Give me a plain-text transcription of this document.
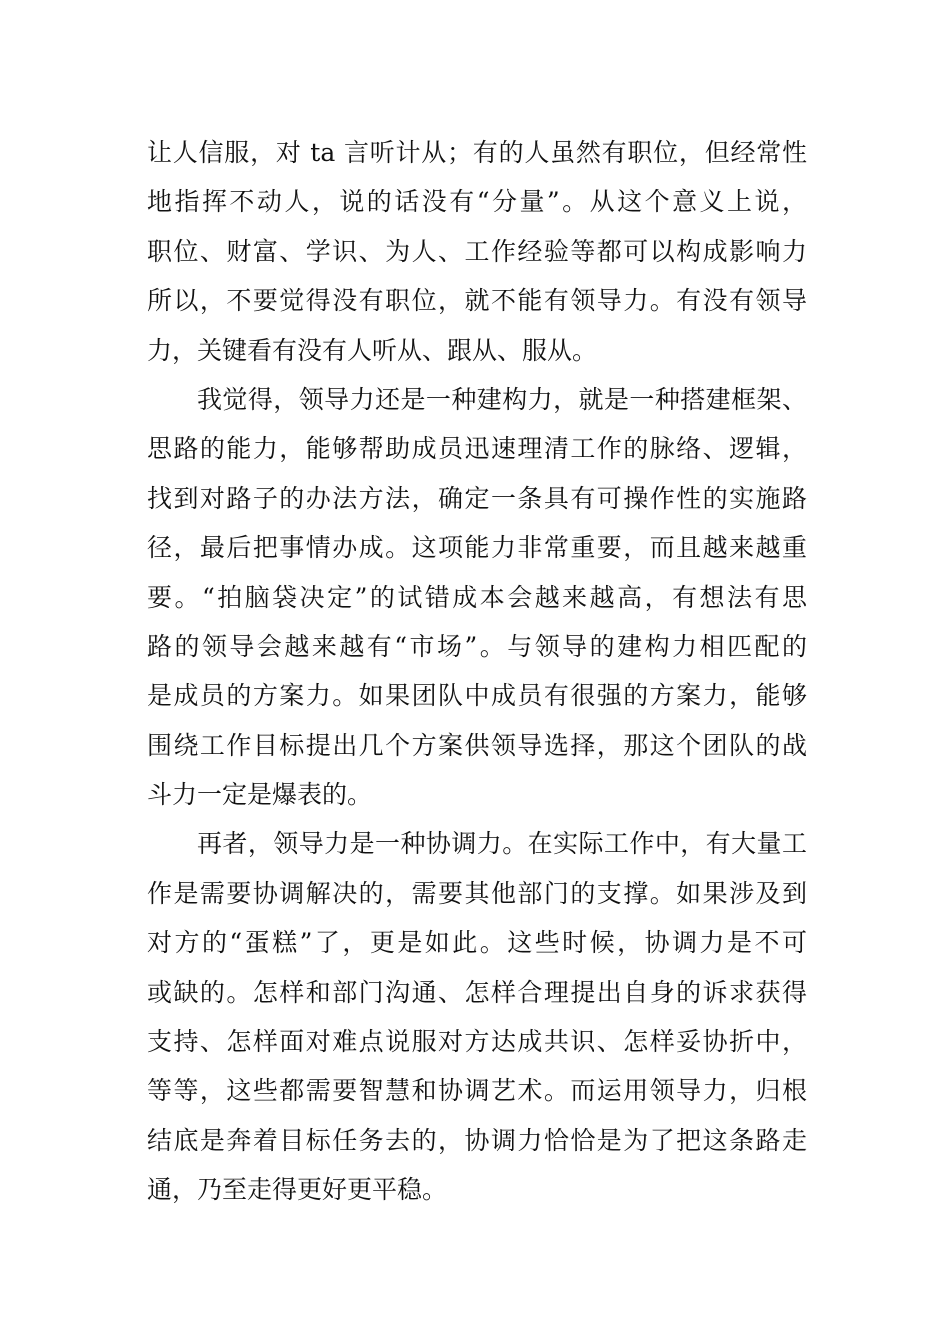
让人信服，对 ta 言听计从；有的人虽然有职位，但经常性
地指挥不动人，说的话没有“分量”。从这个意义上说，
职位、财富、学识、为人、工作经验等都可以构成影响力
所以，不要觉得没有职位，就不能有领导力。有没有领导
力，关键看有没有人听从、跟从、服从。
我觉得，领导力还是一种建构力，就是一种搭建框架、
思路的能力，能够帮助成员迅速理清工作的脉络、逻辑，
找到对路子的办法方法，确定一条具有可操作性的实施路
径，最后把事情办成。这项能力非常重要，而且越来越重
要。“拍脑袋决定”的试错成本会越来越高，有想法有思
路的领导会越来越有“市场”。与领导的建构力相匹配的
是成员的方案力。如果团队中成员有很强的方案力，能够
围绕工作目标提出几个方案供领导选择，那这个团队的战
斗力一定是爆表的。
再者，领导力是一种协调力。在实际工作中，有大量工
作是需要协调解决的，需要其他部门的支撑。如果涉及到
对方的“蛋糕”了，更是如此。这些时候，协调力是不可
或缺的。怎样和部门沟通、怎样合理提出自身的诉求获得
支持、怎样面对难点说服对方达成共识、怎样妥协折中，
等等，这些都需要智慧和协调艺术。而运用领导力，归根
结底是奔着目标任务去的，协调力恰恰是为了把这条路走
通，乃至走得更好更平稳。
